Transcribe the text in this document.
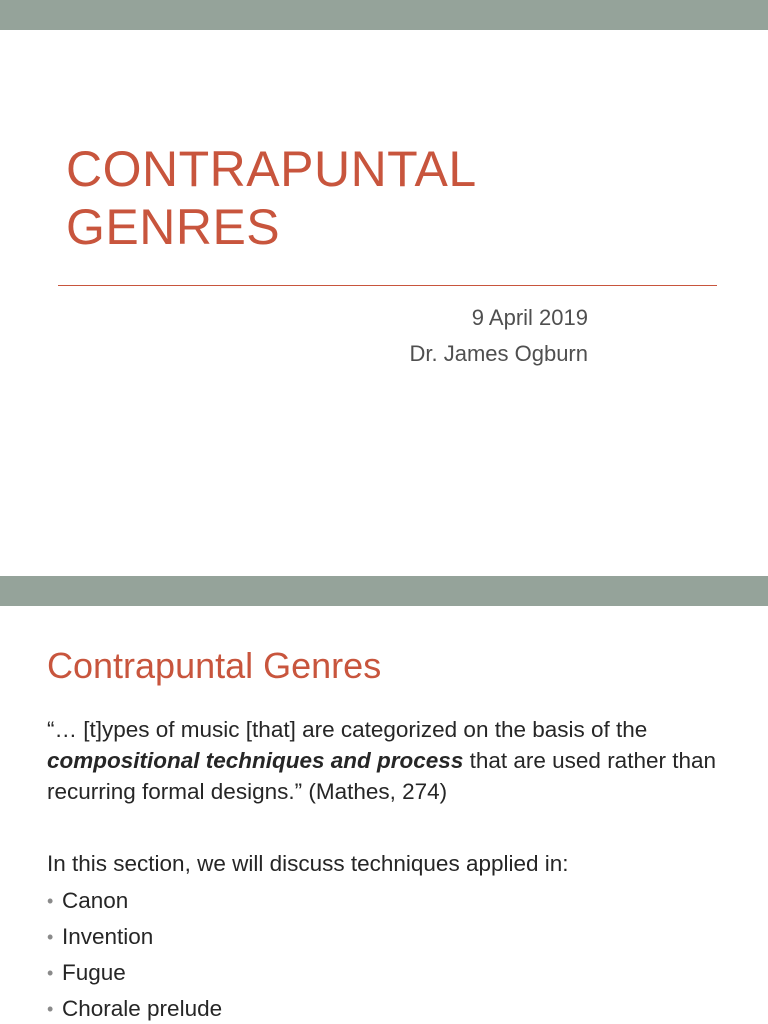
CONTRAPUNTAL
GENRES
9 April 2019
Dr. James Ogburn
Contrapuntal Genres

“… [t]ypes of music [that] are categorized on the basis of the compositional techniques and process that are used rather than recurring formal designs.” (Mathes, 274)

In this section, we will discuss techniques applied in:

• Canon
• Invention
• Fugue
• Chorale prelude
